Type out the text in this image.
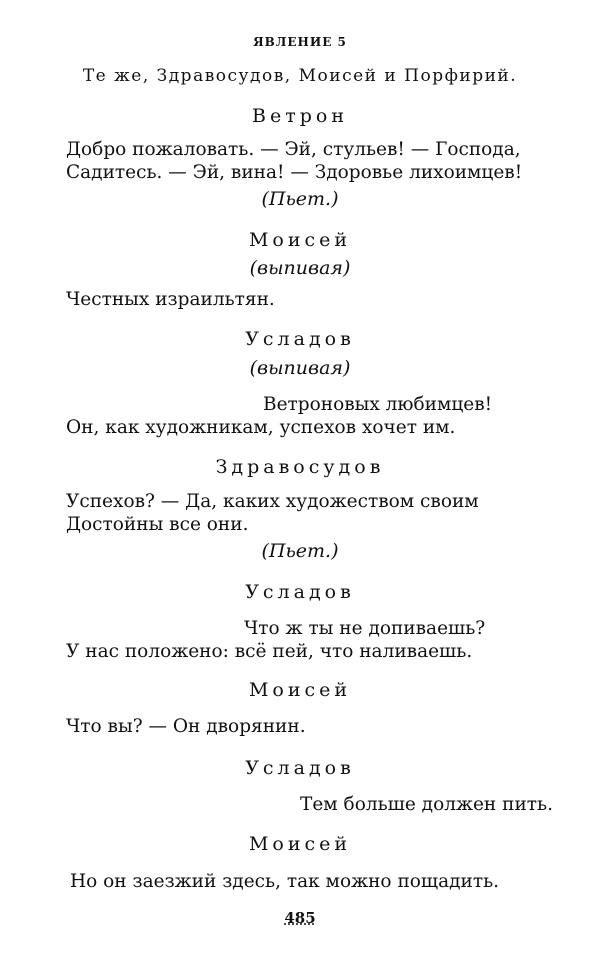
ЯВЛЕНИЕ 5
Те же, Здравосудов, Моисей и Порфирий.
Ветрон
Добро пожаловать. — Эй, стульев! — Господа,
Садитесь. — Эй, вина! — Здоровье лихоимцев!
(Пьет.)
Моисей
(выпивая)
Честных израильтян.
Усладов
(выпивая)
Ветроновых любимцев!
Он, как художникам, успехов хочет им.
Здравосудов
Успехов? — Да, каких художеством своим
Достойны все они.
(Пьет.)
Усладов
Что ж ты не допиваешь?
У нас положено: всё пей, что наливаешь.
Моисей
Что вы? — Он дворянин.
Усладов
Тем больше должен пить.
Моисей
Но он заезжий здесь, так можно пощадить.
485
